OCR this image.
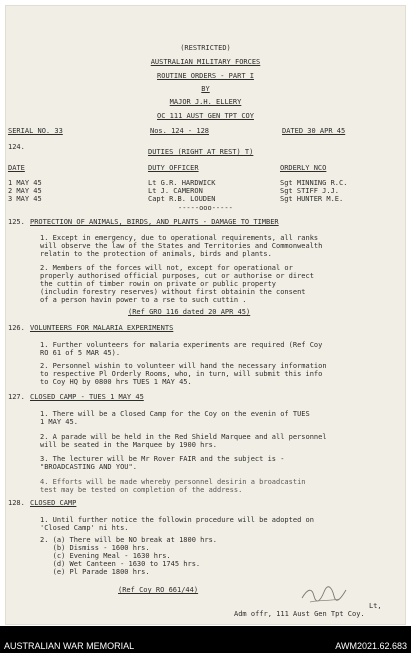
(RESTRICTED)
AUSTRALIAN MILITARY FORCES
ROUTINE ORDERS - PART I
BY
MAJOR J.H. ELLERY
OC 111 AUST GEN TPT COY
SERIAL NO. 33	Nos. 124 - 128	DATED 30 APR 45
124.
DUTIES (RIGHT AT REST) T)
DATE	DUTY OFFICER	ORDERLY NCO
1 MAY 45	Lt G.R. HARDWICK	Sgt MINNING R.C.
2 MAY 45	Lt J. CAMERON	Sgt STIFF J.J.
3 MAY 45	Capt R.B. LOUDEN	Sgt HUNTER M.E.
-----ooo-----
125. PROTECTION OF ANIMALS, BIRDS, AND PLANTS - DAMAGE TO TIMBER
1. Except in emergency, due to operational requirements, all ranks
will observe the law of the States and Territories and Commonwealth
relatin to the protection of animals, birds and plants.
2. Members of the forces will not, except for operational or
properly authorised official purposes, cut or authorise or direct
the cuttin of timber rowin on private or public property
(includin forestry reserves) without first obtainin the consent
of a person havin power to a rse to such cuttin .
(Ref GRO 116 dated 20 APR 45)
126. VOLUNTEERS FOR MALARIA EXPERIMENTS
1. Further volunteers for malaria experiments are required (Ref Coy
RO 61 of 5 MAR 45).
2. Personnel wishin to volunteer will hand the necessary information
to respective Pl Orderly Rooms, who, in turn, will submit this info
to Coy HQ by 0800 hrs TUES 1 MAY 45.
127. CLOSED CAMP - TUES 1 MAY 45
1. There will be a Closed Camp for the Coy on the evenin of TUES
1 MAY 45.
2. A parade will be held in the Red Shield Marquee and all personnel
will be seated in the Marquee by 1900 hrs.
3. The lecturer will be Mr Rover FAIR and the subject is -
"BROADCASTING AND YOU".
4. Efforts will be made whereby personnel desirin a broadcastin
test may be tested on completion of the address.
128. CLOSED CAMP
1. Until further notice the followin procedure will be adopted on
'Closed Camp' ni hts.
2. (a) There will be NO break at 1800 hrs.
(b) Dismiss - 1600 hrs.
(c) Evening Meal - 1630 hrs.
(d) Wet Canteen - 1630 to 1745 hrs.
(e) Pl Parade 1800 hrs.
(Ref Coy RO 661/44)
Lt,
Adm offr, 111 Aust Gen Tpt Coy.
AUSTRALIAN WAR MEMORIAL	AWM2021.62.683
